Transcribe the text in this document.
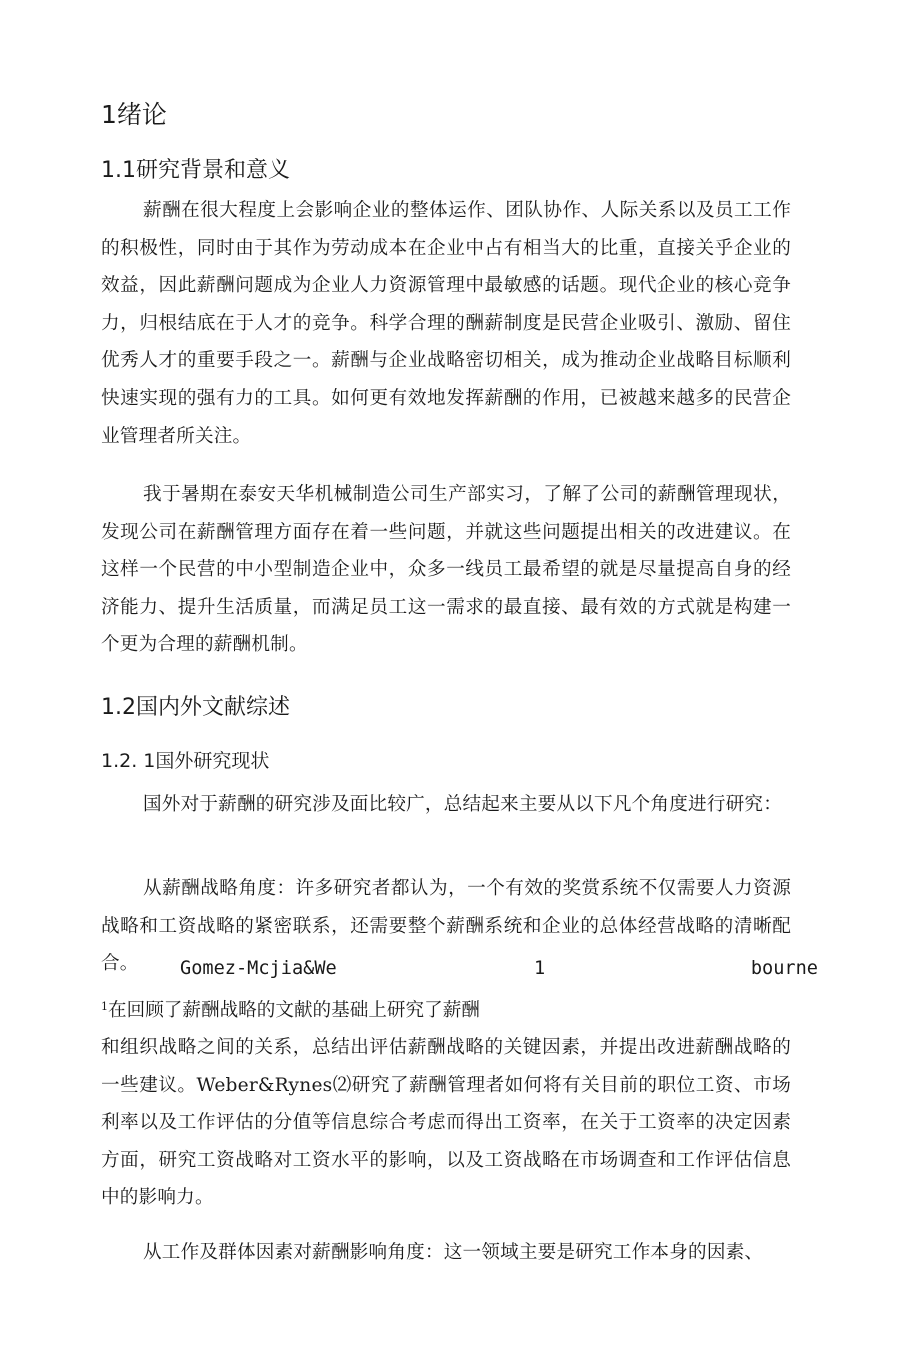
1绪论
1.1研究背景和意义

薪酬在很大程度上会影响企业的整体运作、团队协作、人际关系以及员工工作的积极性，同时由于其作为劳动成本在企业中占有相当大的比重，直接关乎企业的效益，因此薪酬问题成为企业人力资源管理中最敏感的话题。现代企业的核心竞争力，归根结底在于人才的竞争。科学合理的酬薪制度是民营企业吸引、激励、留住优秀人才的重要手段之一。薪酬与企业战略密切相关，成为推动企业战略目标顺利快速实现的强有力的工具。如何更有效地发挥薪酬的作用，已被越来越多的民营企业管理者所关注。

我于暑期在泰安天华机械制造公司生产部实习，了解了公司的薪酬管理现状，发现公司在薪酬管理方面存在着一些问题，并就这些问题提出相关的改进建议。在这样一个民营的中小型制造企业中，众多一线员工最希望的就是尽量提高自身的经济能力、提升生活质量，而满足员工这一需求的最直接、最有效的方式就是构建一个更为合理的薪酬机制。

1.2国内外文献综述
1.2. 1国外研究现状

国外对于薪酬的研究涉及面比较广，总结起来主要从以下凡个角度进行研究：

从薪酬战略角度：许多研究者都认为，一个有效的奖赏系统不仅需要人力资源战略和工资战略的紧密联系，还需要整个薪酬系统和企业的总体经营战略的清晰配合。	Gomez-Mcjia&We	1	bourne

$^1$在回顾了薪酬战略的文献的基础上研究了薪酬

和组织战略之间的关系，总结出评估薪酬战略的关键因素，并提出改进薪酬战略的一些建议。Weber&Rynes⑵研究了薪酬管理者如何将有关目前的职位工资、市场利率以及工作评估的分值等信息综合考虑而得出工资率，在关于工资率的决定因素方面，研究工资战略对工资水平的影响，以及工资战略在市场调查和工作评估信息中的影响力。

从工作及群体因素对薪酬影响角度：这一领域主要是研究工作本身的因素、
